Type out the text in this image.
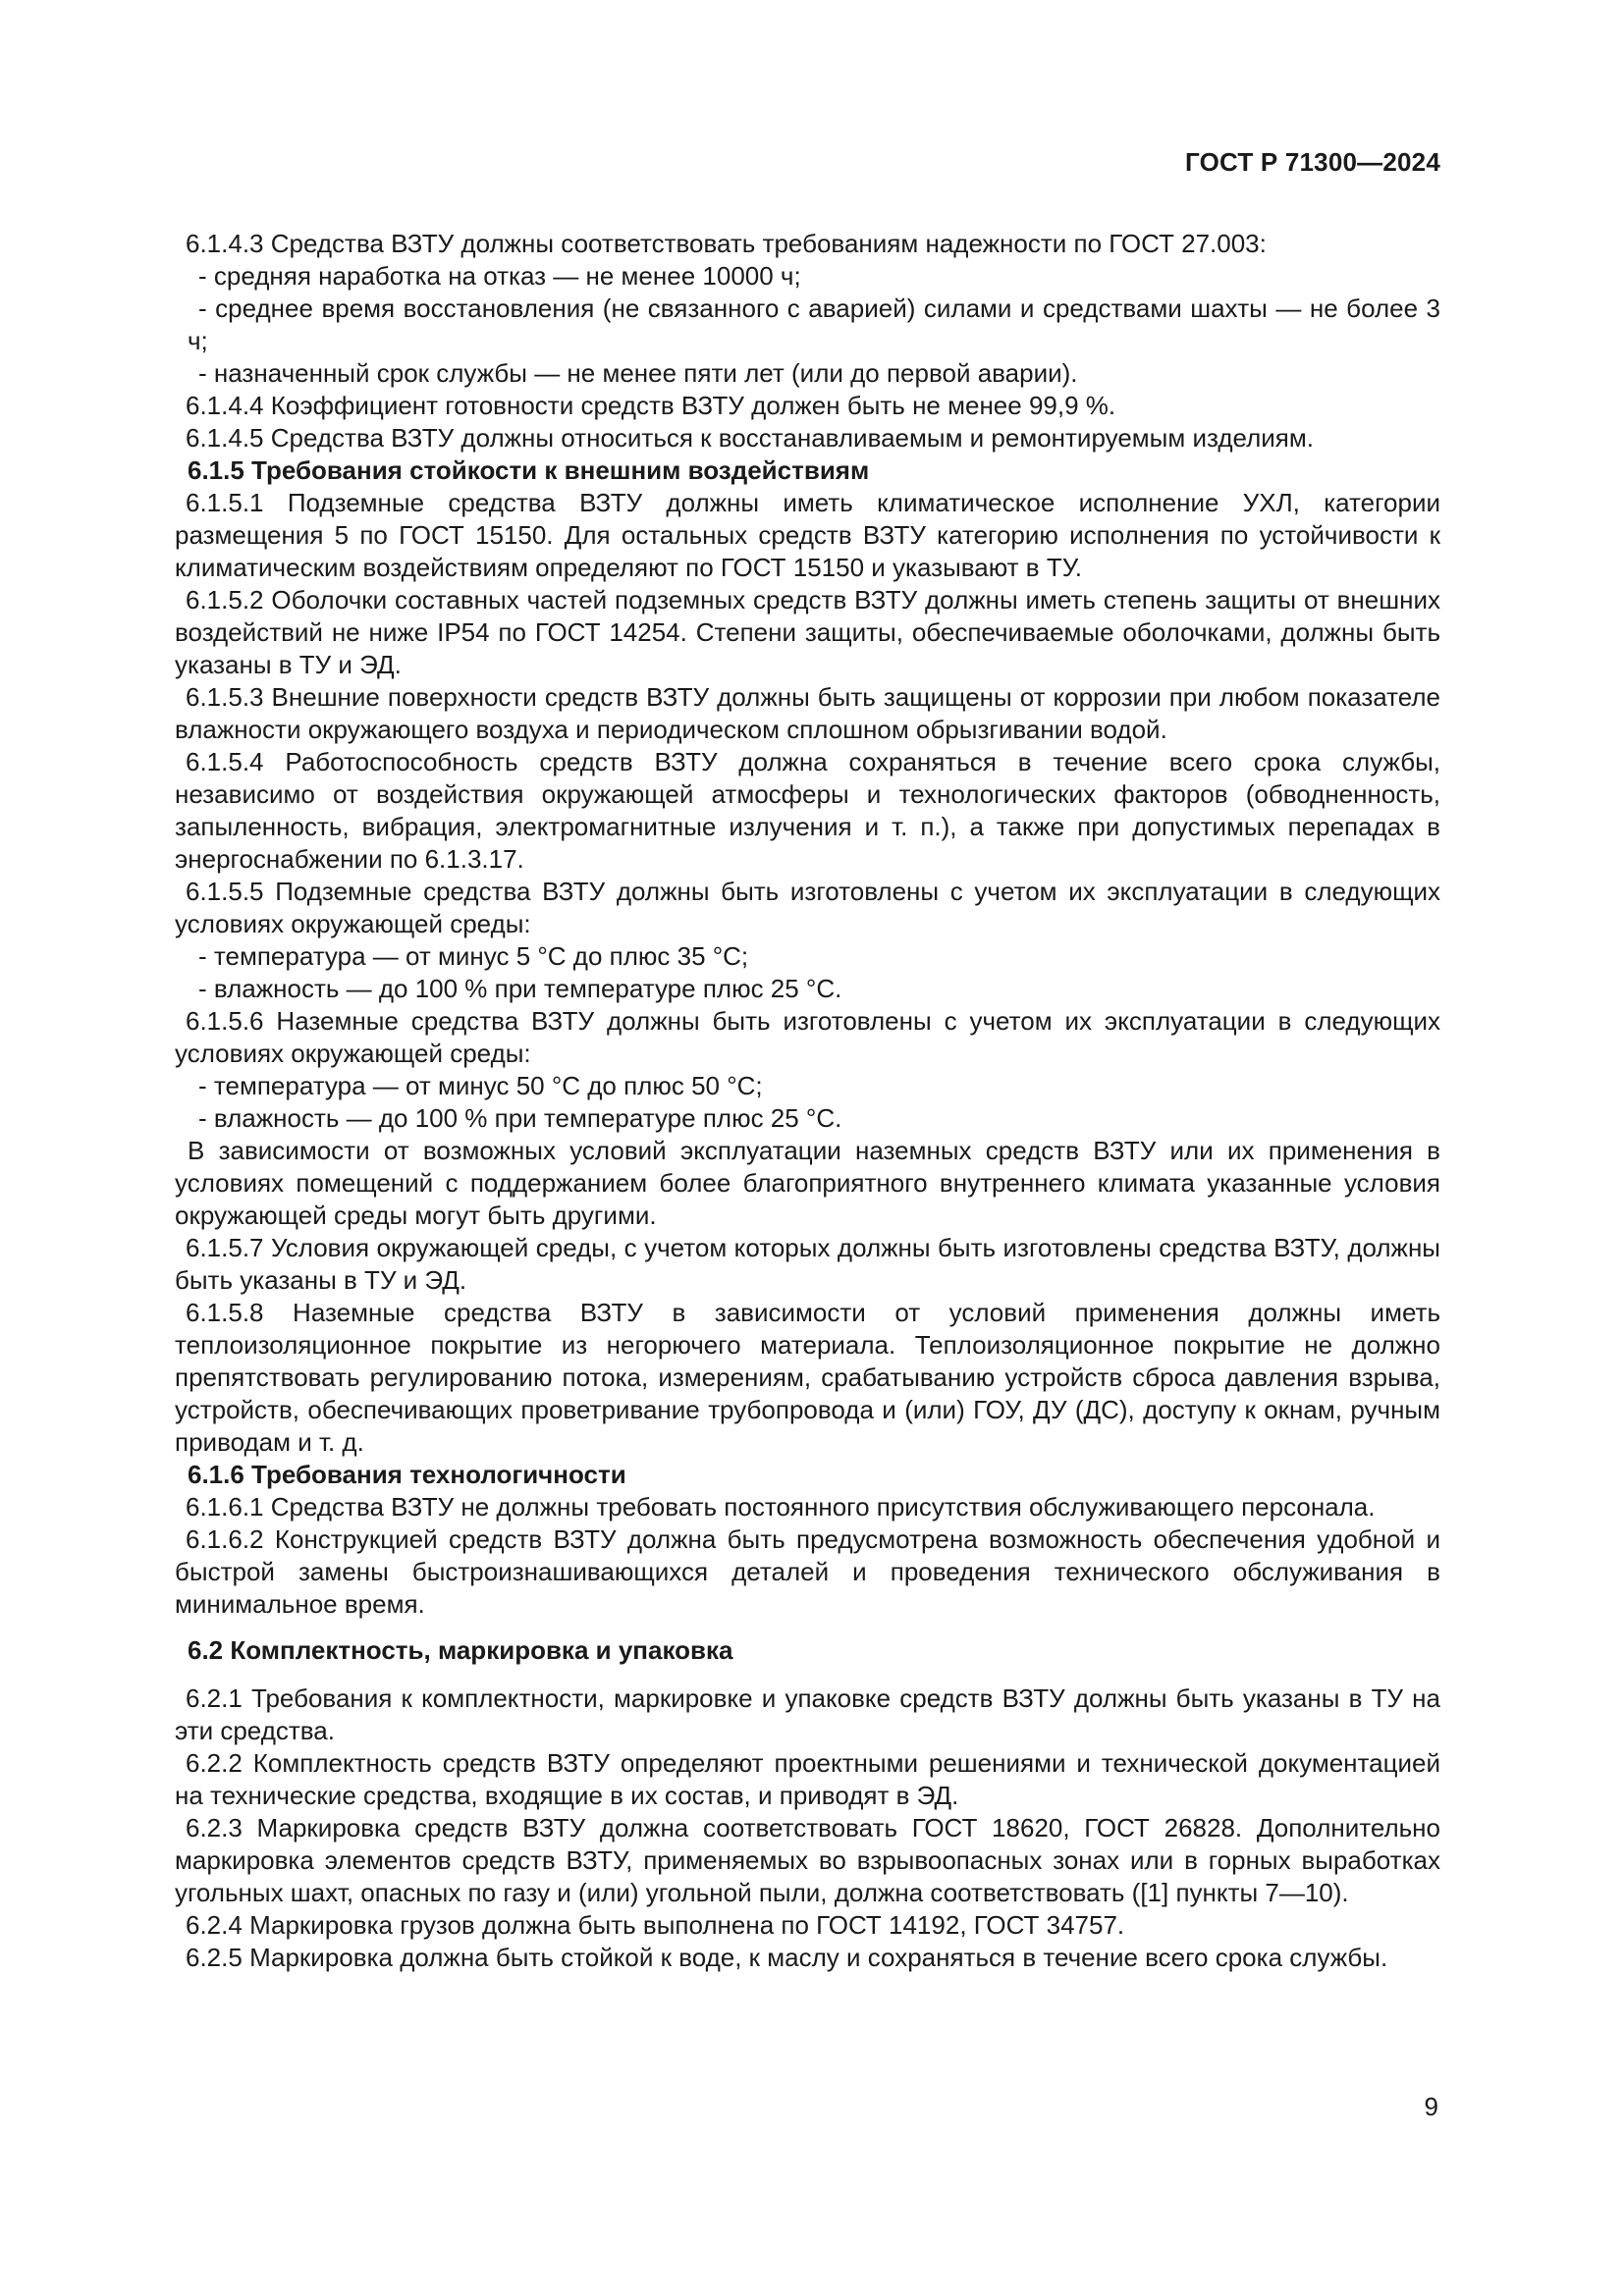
ГОСТ Р 71300—2024
6.1.4.3 Средства ВЗТУ должны соответствовать требованиям надежности по ГОСТ 27.003:
- средняя наработка на отказ — не менее 10000 ч;
- среднее время восстановления (не связанного с аварией) силами и средствами шахты — не более 3 ч;
- назначенный срок службы — не менее пяти лет (или до первой аварии).
6.1.4.4 Коэффициент готовности средств ВЗТУ должен быть не менее 99,9 %.
6.1.4.5 Средства ВЗТУ должны относиться к восстанавливаемым и ремонтируемым изделиям.
6.1.5 Требования стойкости к внешним воздействиям
6.1.5.1 Подземные средства ВЗТУ должны иметь климатическое исполнение УХЛ, категории размещения 5 по ГОСТ 15150. Для остальных средств ВЗТУ категорию исполнения по устойчивости к климатическим воздействиям определяют по ГОСТ 15150 и указывают в ТУ.
6.1.5.2 Оболочки составных частей подземных средств ВЗТУ должны иметь степень защиты от внешних воздействий не ниже IP54 по ГОСТ 14254. Степени защиты, обеспечиваемые оболочками, должны быть указаны в ТУ и ЭД.
6.1.5.3 Внешние поверхности средств ВЗТУ должны быть защищены от коррозии при любом показателе влажности окружающего воздуха и периодическом сплошном обрызгивании водой.
6.1.5.4 Работоспособность средств ВЗТУ должна сохраняться в течение всего срока службы, независимо от воздействия окружающей атмосферы и технологических факторов (обводненность, запыленность, вибрация, электромагнитные излучения и т. п.), а также при допустимых перепадах в энергоснабжении по 6.1.3.17.
6.1.5.5 Подземные средства ВЗТУ должны быть изготовлены с учетом их эксплуатации в следующих условиях окружающей среды:
- температура — от минус 5 °С до плюс 35 °С;
- влажность — до 100 % при температуре плюс 25 °С.
6.1.5.6 Наземные средства ВЗТУ должны быть изготовлены с учетом их эксплуатации в следующих условиях окружающей среды:
- температура — от минус 50 °С до плюс 50 °С;
- влажность — до 100 % при температуре плюс 25 °С.
В зависимости от возможных условий эксплуатации наземных средств ВЗТУ или их применения в условиях помещений с поддержанием более благоприятного внутреннего климата указанные условия окружающей среды могут быть другими.
6.1.5.7 Условия окружающей среды, с учетом которых должны быть изготовлены средства ВЗТУ, должны быть указаны в ТУ и ЭД.
6.1.5.8 Наземные средства ВЗТУ в зависимости от условий применения должны иметь теплоизоляционное покрытие из негорючего материала. Теплоизоляционное покрытие не должно препятствовать регулированию потока, измерениям, срабатыванию устройств сброса давления взрыва, устройств, обеспечивающих проветривание трубопровода и (или) ГОУ, ДУ (ДС), доступу к окнам, ручным приводам и т. д.
6.1.6 Требования технологичности
6.1.6.1 Средства ВЗТУ не должны требовать постоянного присутствия обслуживающего персонала.
6.1.6.2 Конструкцией средств ВЗТУ должна быть предусмотрена возможность обеспечения удобной и быстрой замены быстроизнашивающихся деталей и проведения технического обслуживания в минимальное время.
6.2 Комплектность, маркировка и упаковка
6.2.1 Требования к комплектности, маркировке и упаковке средств ВЗТУ должны быть указаны в ТУ на эти средства.
6.2.2 Комплектность средств ВЗТУ определяют проектными решениями и технической документацией на технические средства, входящие в их состав, и приводят в ЭД.
6.2.3 Маркировка средств ВЗТУ должна соответствовать ГОСТ 18620, ГОСТ 26828. Дополнительно маркировка элементов средств ВЗТУ, применяемых во взрывоопасных зонах или в горных выработках угольных шахт, опасных по газу и (или) угольной пыли, должна соответствовать ([1] пункты 7—10).
6.2.4 Маркировка грузов должна быть выполнена по ГОСТ 14192, ГОСТ 34757.
6.2.5 Маркировка должна быть стойкой к воде, к маслу и сохраняться в течение всего срока службы.
9
